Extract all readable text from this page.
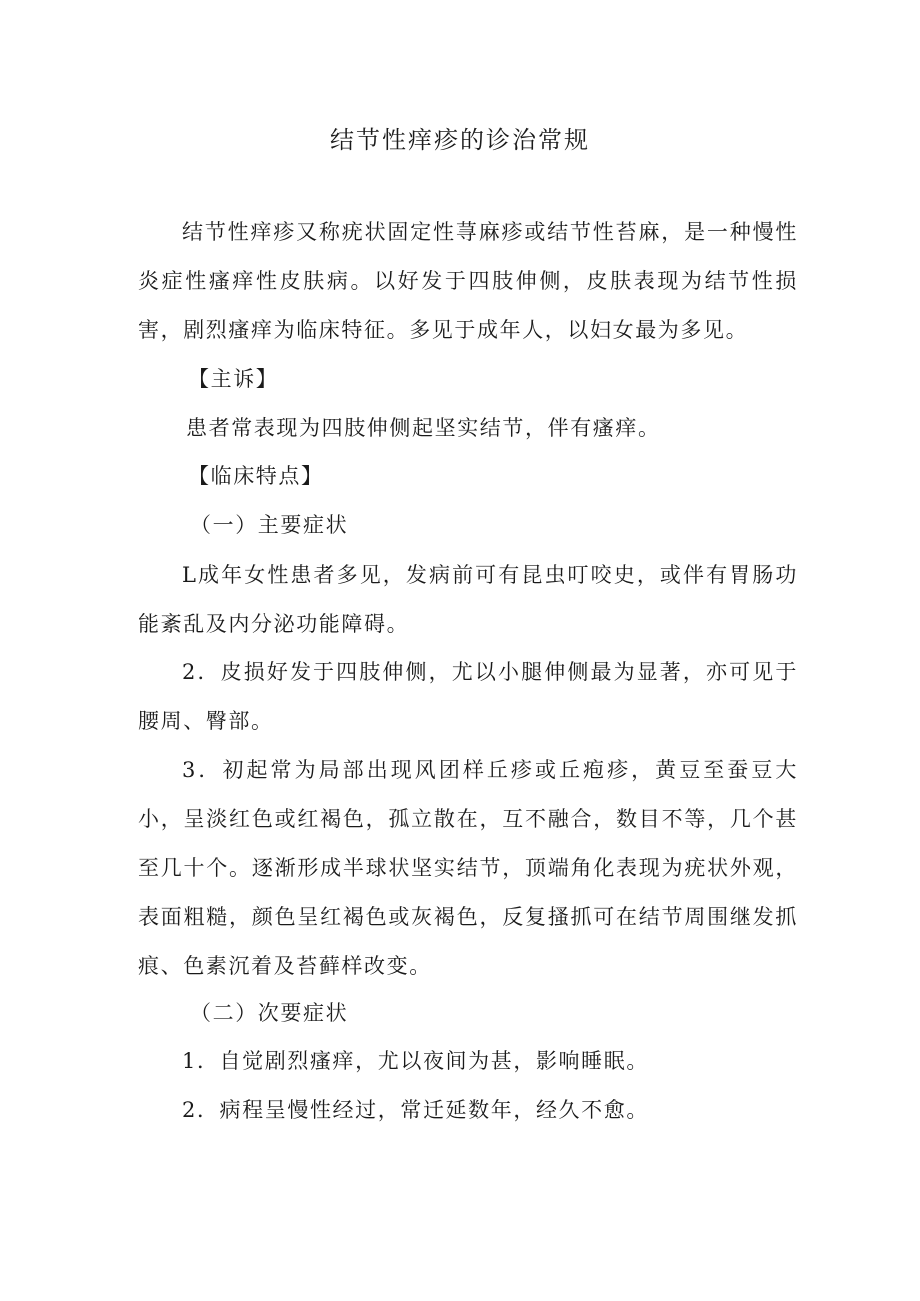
结节性痒疹的诊治常规
结节性痒疹又称疣状固定性荨麻疹或结节性苔麻，是一种慢性炎症性瘙痒性皮肤病。以好发于四肢伸侧，皮肤表现为结节性损害，剧烈瘙痒为临床特征。多见于成年人，以妇女最为多见。
【主诉】
患者常表现为四肢伸侧起坚实结节，伴有瘙痒。
【临床特点】
（一）主要症状
L成年女性患者多见，发病前可有昆虫叮咬史，或伴有胃肠功能紊乱及内分泌功能障碍。
2．皮损好发于四肢伸侧，尤以小腿伸侧最为显著，亦可见于腰周、臀部。
3．初起常为局部出现风团样丘疹或丘疱疹，黄豆至蚕豆大小，呈淡红色或红褐色，孤立散在，互不融合，数目不等，几个甚至几十个。逐渐形成半球状坚实结节，顶端角化表现为疣状外观，表面粗糙，颜色呈红褐色或灰褐色，反复搔抓可在结节周围继发抓痕、色素沉着及苔藓样改变。
（二）次要症状
1．自觉剧烈瘙痒，尤以夜间为甚，影响睡眠。
2．病程呈慢性经过，常迁延数年，经久不愈。
